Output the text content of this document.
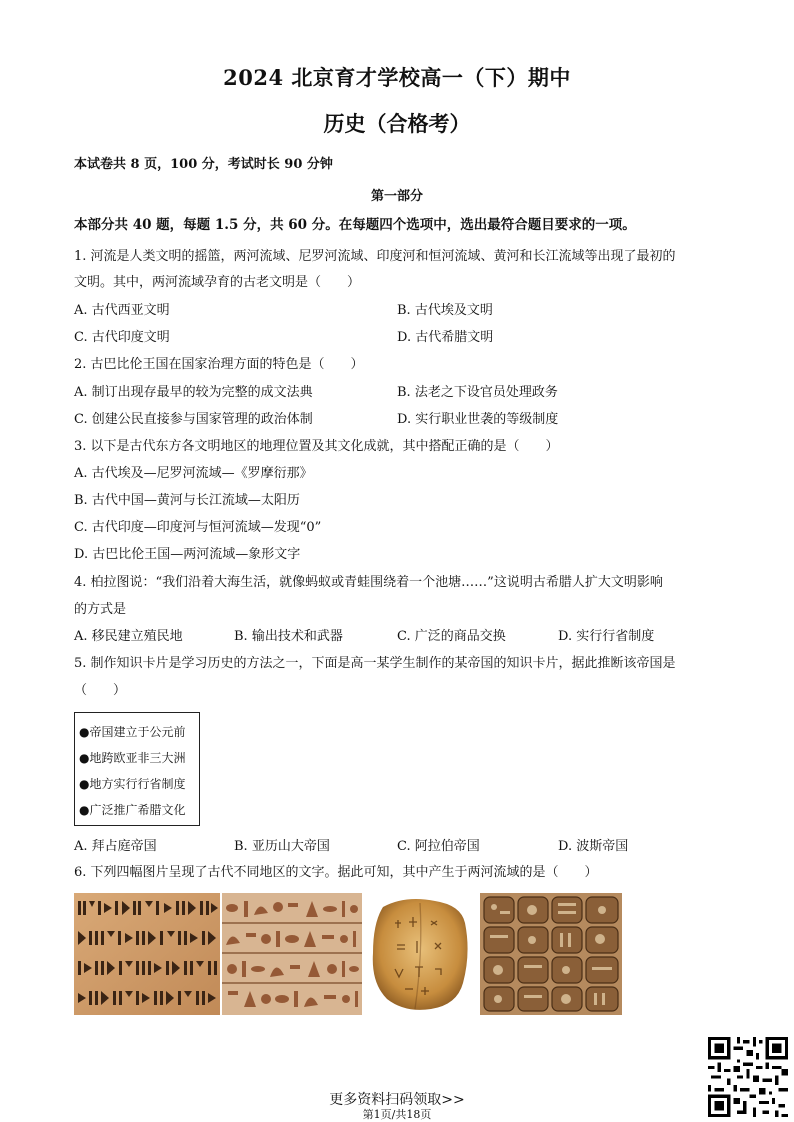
2024 北京育才学校高一（下）期中
历史（合格考）
本试卷共 8 页，100 分，考试时长 90 分钟
第一部分
本部分共 40 题，每题 1.5 分，共 60 分。在每题四个选项中，选出最符合题目要求的一项。
1. 河流是人类文明的摇篮，两河流域、尼罗河流域、印度河和恒河流域、黄河和长江流域等出现了最初的
文明。其中，两河流域孕育的古老文明是（　　）
A. 古代西亚文明	B. 古代埃及文明
C. 古代印度文明	D. 古代希腊文明
2. 古巴比伦王国在国家治理方面的特色是（　　）
A. 制订出现存最早的较为完整的成文法典	B. 法老之下设官员处理政务
C. 创建公民直接参与国家管理的政治体制	D. 实行职业世袭的等级制度
3. 以下是古代东方各文明地区的地理位置及其文化成就，其中搭配正确的是（　　）
A. 古代埃及—尼罗河流域—《罗摩衍那》
B. 古代中国—黄河与长江流域—太阳历
C. 古代印度—印度河与恒河流域—发现“0”
D. 古巴比伦王国—两河流域—象形文字
4. 柏拉图说：“我们沿着大海生活，就像蚂蚁或青蛙围绕着一个池塘……”这说明古希腊人扩大文明影响
的方式是
A. 移民建立殖民地	B. 输出技术和武器	C. 广泛的商品交换	D. 实行行省制度
5. 制作知识卡片是学习历史的方法之一，下面是高一某学生制作的某帝国的知识卡片，据此推断该帝国是
（　　）
●帝国建立于公元前
●地跨欧亚非三大洲
●地方实行行省制度
●广泛推广希腊文化
A. 拜占庭帝国	B. 亚历山大帝国	C. 阿拉伯帝国	D. 波斯帝国
6. 下列四幅图片呈现了古代不同地区的文字。据此可知，其中产生于两河流域的是（　　）
更多资料扫码领取>>
第1页/共18页
